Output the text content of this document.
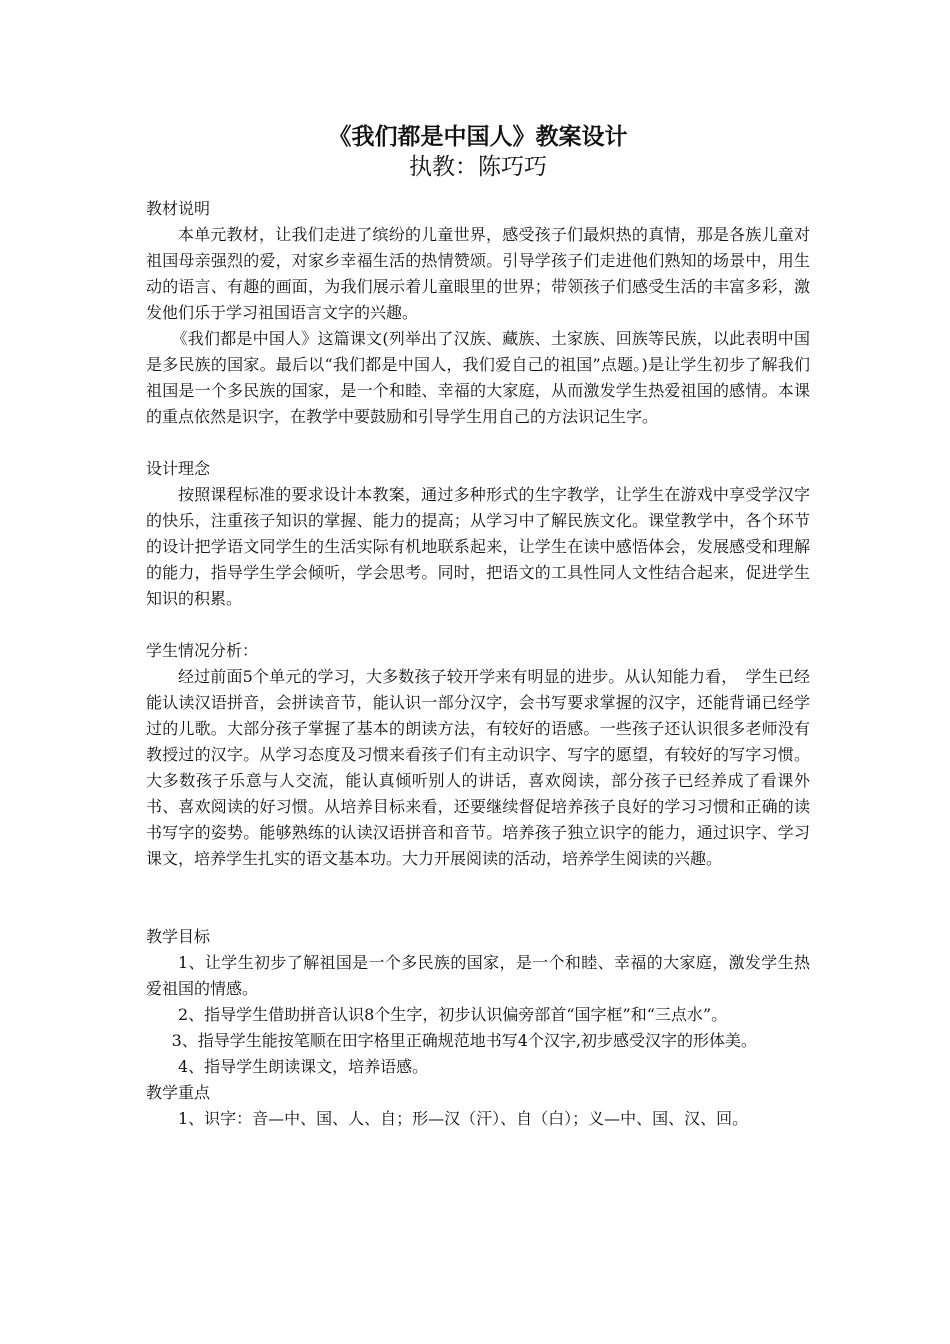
《我们都是中国人》教案设计
执教：陈巧巧
教材说明

本单元教材，让我们走进了缤纷的儿童世界，感受孩子们最炽热的真情，那是各族儿童对祖国母亲强烈的爱，对家乡幸福生活的热情赞颂。引导学孩子们走进他们熟知的场景中，用生动的语言、有趣的画面，为我们展示着儿童眼里的世界；带领孩子们感受生活的丰富多彩，激发他们乐于学习祖国语言文字的兴趣。

《我们都是中国人》这篇课文(列举出了汉族、藏族、土家族、回族等民族，以此表明中国是多民族的国家。最后以“我们都是中国人，我们爱自己的祖国”点题。)是让学生初步了解我们祖国是一个多民族的国家，是一个和睦、幸福的大家庭，从而激发学生热爱祖国的感情。本课的重点依然是识字，在教学中要鼓励和引导学生用自己的方法识记生字。

设计理念

按照课程标准的要求设计本教案，通过多种形式的生字教学，让学生在游戏中享受学汉字的快乐，注重孩子知识的掌握、能力的提高；从学习中了解民族文化。课堂教学中，各个环节的设计把学语文同学生的生活实际有机地联系起来，让学生在读中感悟体会，发展感受和理解的能力，指导学生学会倾听，学会思考。同时，把语文的工具性同人文性结合起来，促进学生知识的积累。

学生情况分析：

经过前面5个单元的学习，大多数孩子较开学来有明显的进步。从认知能力看，　学生已经能认读汉语拼音，会拼读音节，能认识一部分汉字，会书写要求掌握的汉字，还能背诵已经学过的儿歌。大部分孩子掌握了基本的朗读方法，有较好的语感。一些孩子还认识很多老师没有教授过的汉字。从学习态度及习惯来看孩子们有主动识字、写字的愿望，有较好的写字习惯。大多数孩子乐意与人交流，能认真倾听别人的讲话，喜欢阅读，部分孩子已经养成了看课外书、喜欢阅读的好习惯。从培养目标来看，还要继续督促培养孩子良好的学习习惯和正确的读书写字的姿势。能够熟练的认读汉语拼音和音节。培养孩子独立识字的能力，通过识字、学习课文，培养学生扎实的语文基本功。大力开展阅读的活动，培养学生阅读的兴趣。

教学目标

1、让学生初步了解祖国是一个多民族的国家，是一个和睦、幸福的大家庭，激发学生热爱祖国的情感。

2、指导学生借助拼音认识8个生字，初步认识偏旁部首“国字框”和“三点水”。

3、指导学生能按笔顺在田字格里正确规范地书写4个汉字,初步感受汉字的形体美。

4、指导学生朗读课文，培养语感。

教学重点

1、识字：音—中、国、人、自；形—汉（汗）、自（白）；义—中、国、汉、回。
